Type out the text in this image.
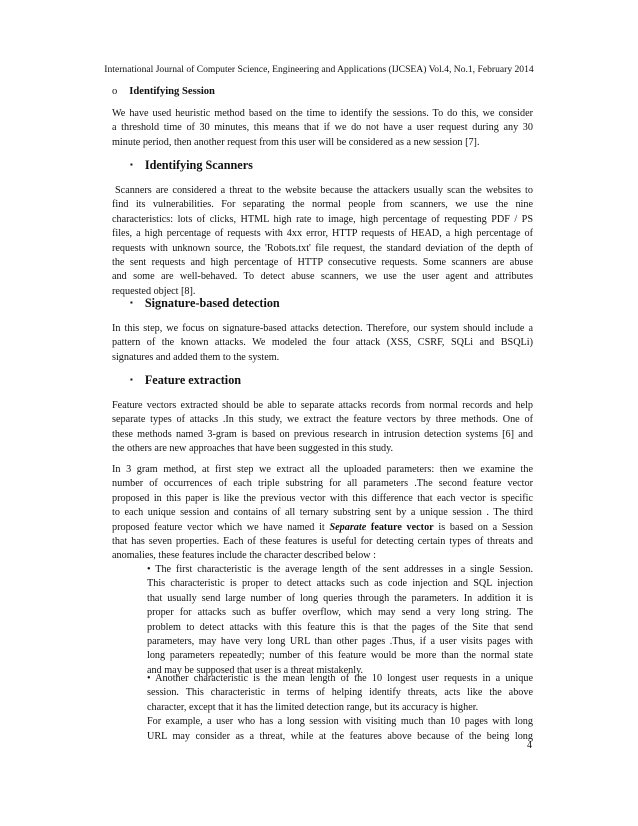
International Journal of Computer Science, Engineering and Applications (IJCSEA) Vol.4, No.1, February 2014
o Identifying Session
We have used heuristic method based on the time to identify the sessions. To do this, we consider
a threshold time of 30 minutes, this means that if we do not have a user request during any 30
minute period, then another request from this user will be considered as a new session [7].
▪ Identifying Scanners
Scanners are considered a threat to the website because the attackers usually scan the websites to
find its vulnerabilities. For separating the normal people from scanners, we use the nine
characteristics: lots of clicks, HTML high rate to image, high percentage of requesting PDF / PS
files, a high percentage of requests with 4xx error, HTTP requests of HEAD, a high percentage of
requests with unknown source, the 'Robots.txt' file request, the standard deviation of the depth of
the sent requests and high percentage of HTTP consecutive requests. Some scanners are abuse
and some are well-behaved. To detect abuse scanners, we use the user agent and attributes
requested object [8].
▪ Signature-based detection
In this step, we focus on signature-based attacks detection. Therefore, our system should include a
pattern of the known attacks. We modeled the four attack (XSS, CSRF, SQLi and BSQLi)
signatures and added them to the system.
▪ Feature extraction
Feature vectors extracted should be able to separate attacks records from normal records and help
separate types of attacks .In this study, we extract the feature vectors by three methods. One of
these methods named 3-gram is based on previous research in intrusion detection systems [6] and
the others are new approaches that have been suggested in this study.
In 3 gram method, at first step we extract all the uploaded parameters: then we examine the
number of occurrences of each triple substring for all parameters .The second feature vector
proposed in this paper is like the previous vector with this difference that each vector is specific
to each unique session and contains of all ternary substring sent by a unique session . The third
proposed feature vector which we have named it Separate feature vector is based on a Session
that has seven properties. Each of these features is useful for detecting certain types of threats and
anomalies, these features include the character described below :
• The first characteristic is the average length of the sent addresses in a single Session.
This characteristic is proper to detect attacks such as code injection and SQL injection
that usually send large number of long queries through the parameters. In addition it is
proper for attacks such as buffer overflow, which may send a very long string. The
problem to detect attacks with this feature this is that the pages of the Site that send
parameters, may have very long URL than other pages .Thus, if a user visits pages with
long parameters repeatedly; number of this feature would be more than the normal state
and may be supposed that user is a threat mistakenly.
• Another characteristic is the mean length of the 10 longest user requests in a unique
session. This characteristic in terms of helping identify threats, acts like the above
character, except that it has the limited detection range, but its accuracy is higher.
For example, a user who has a long session with visiting much than 10 pages with long
URL may consider as a threat, while at the features above because of the being long
4
